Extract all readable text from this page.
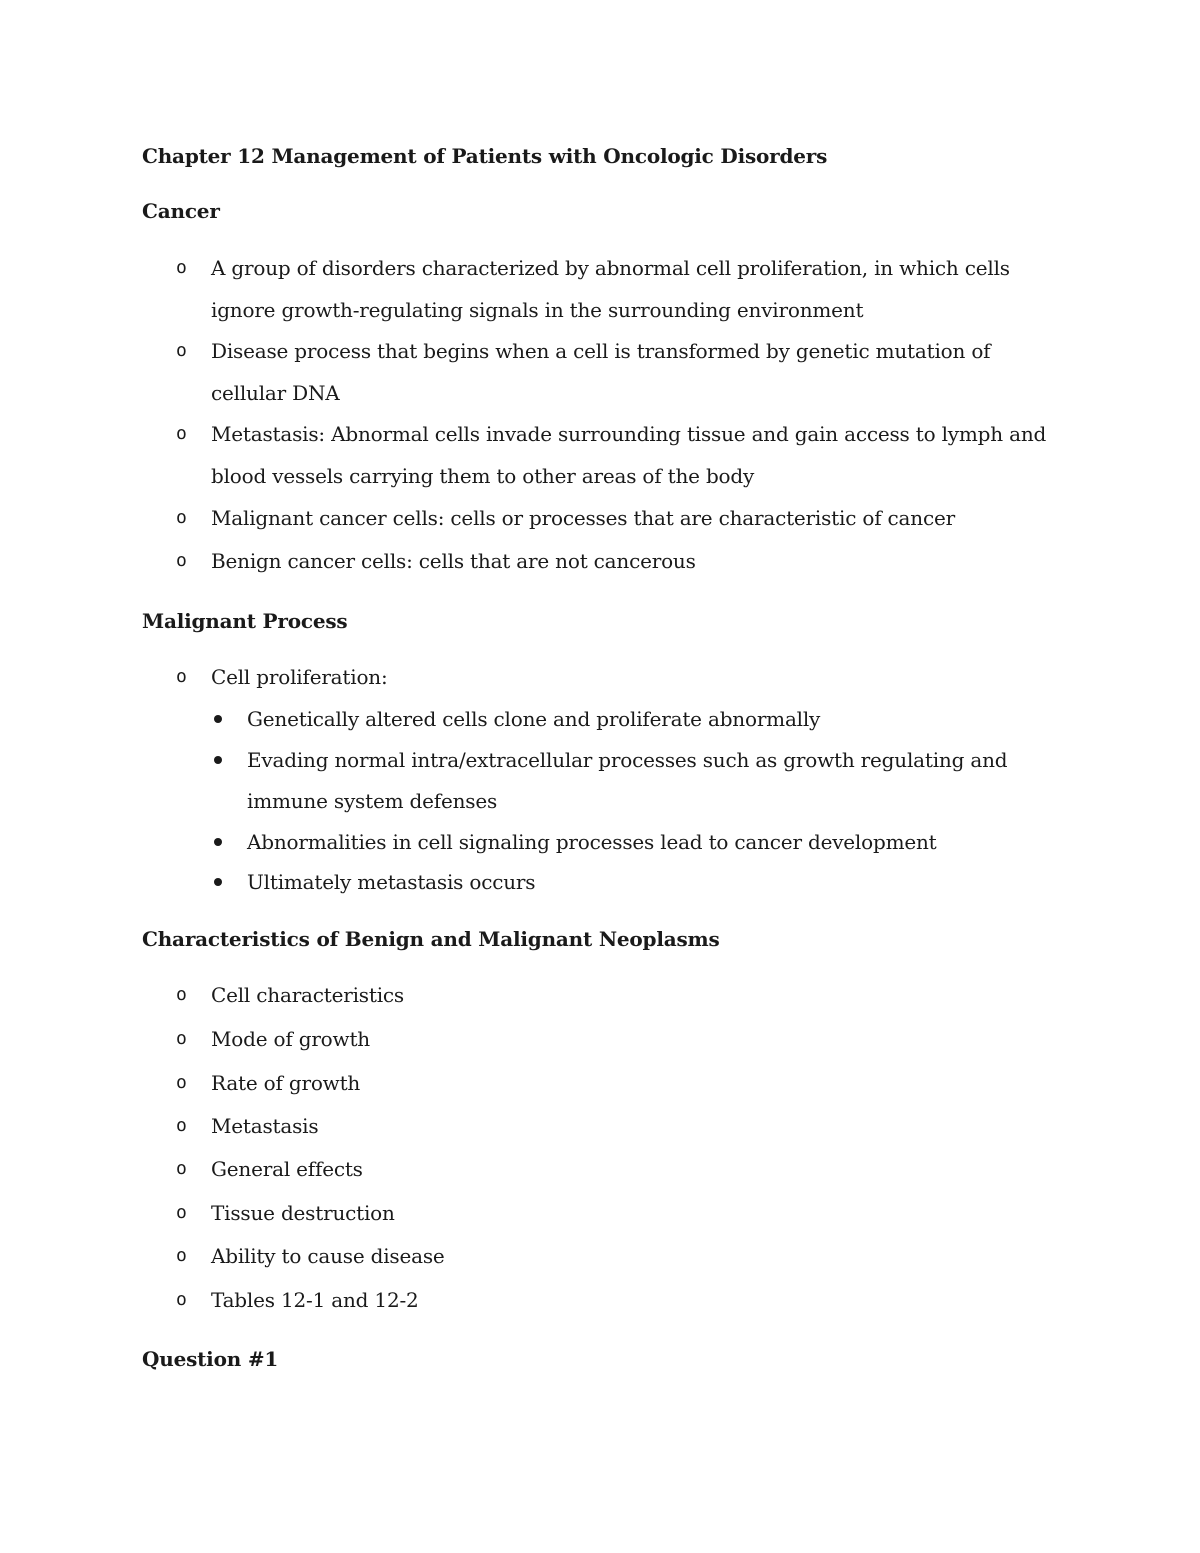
Chapter 12 Management of Patients with Oncologic Disorders
Cancer
o A group of disorders characterized by abnormal cell proliferation, in which cells ignore growth-regulating signals in the surrounding environment
o Disease process that begins when a cell is transformed by genetic mutation of cellular DNA
o Metastasis: Abnormal cells invade surrounding tissue and gain access to lymph and blood vessels carrying them to other areas of the body
o Malignant cancer cells: cells or processes that are characteristic of cancer
o Benign cancer cells: cells that are not cancerous
Malignant Process
o Cell proliferation:
Genetically altered cells clone and proliferate abnormally
Evading normal intra/extracellular processes such as growth regulating and immune system defenses
Abnormalities in cell signaling processes lead to cancer development
Ultimately metastasis occurs
Characteristics of Benign and Malignant Neoplasms
o Cell characteristics
o Mode of growth
o Rate of growth
o Metastasis
o General effects
o Tissue destruction
o Ability to cause disease
o Tables 12-1 and 12-2
Question #1
